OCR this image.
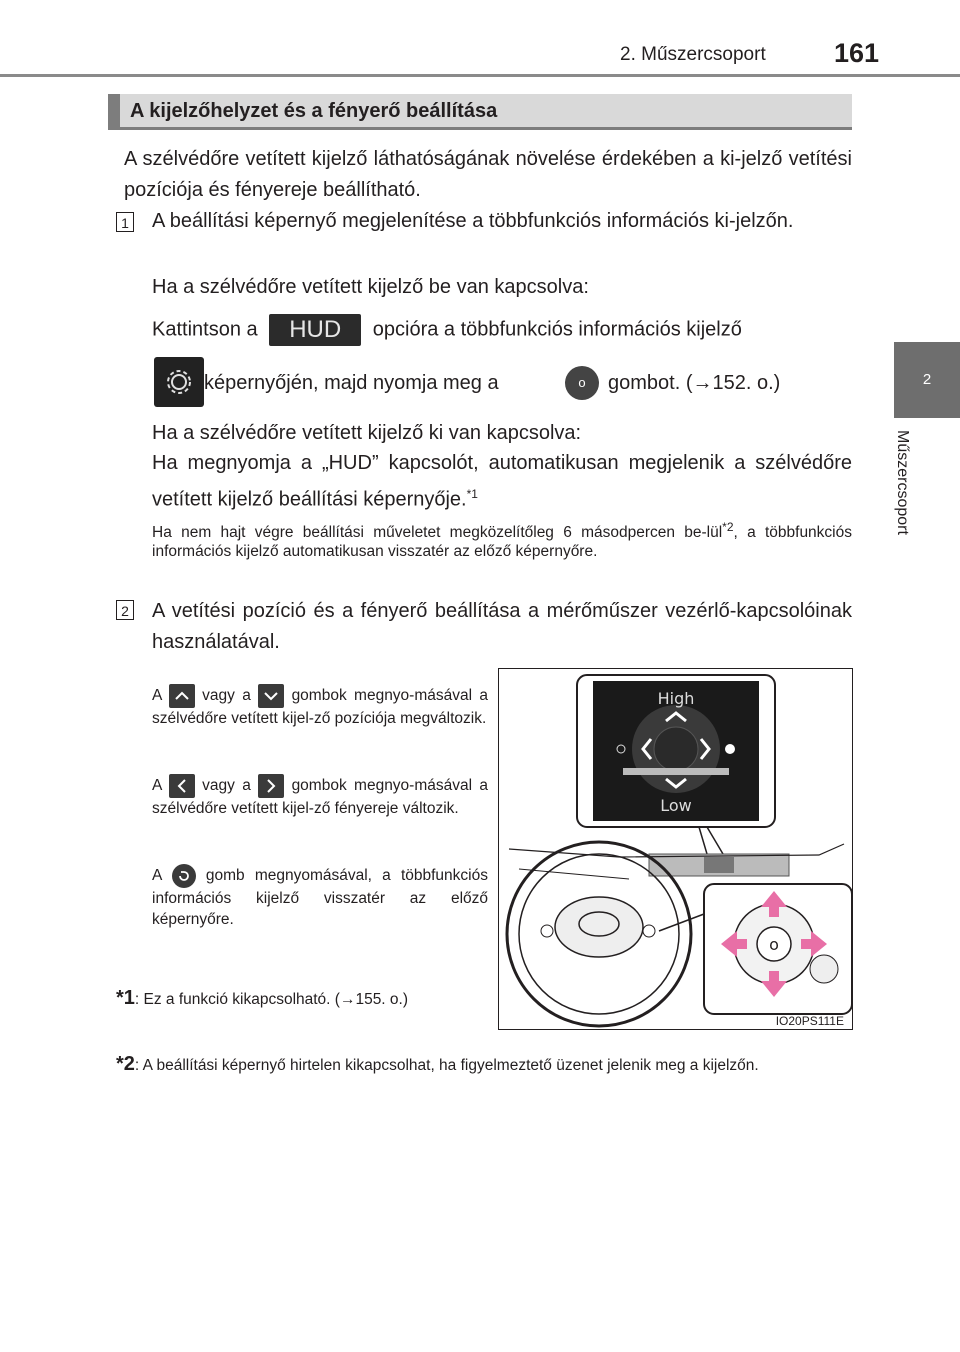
2. Műszercsoport	161
2
Műszercsoport
A kijelzőhelyzet és a fényerő beállítása
A szélvédőre vetített kijelző láthatóságának növelése érdekében a ki-jelző vetítési pozíciója és fényereje beállítható.
1 A beállítási képernyő megjelenítése a többfunkciós információs ki-jelzőn.
Ha a szélvédőre vetített kijelző be van kapcsolva:
Kattintson a HUD opcióra a többfunkciós információs kijelző
képernyőjén, majd nyomja meg a	o	gombot. (→152. o.)
Ha a szélvédőre vetített kijelző ki van kapcsolva:
Ha megnyomja a „HUD” kapcsolót, automatikusan megjelenik a szélvédőre vetített kijelző beállítási képernyője.$^{*1}$
Ha nem hajt végre beállítási műveletet megközelítőleg 6 másodpercen be-lül$^{*2}$, a többfunkciós információs kijelző automatikusan visszatér az előző képernyőre.
2 A vetítési pozíció és a fényerő beállítása a mérőműszer vezérlő-kapcsolóinak használatával.
A	vagy a	gombok megnyo-másával a szélvédőre vetített kijel-ző pozíciója megváltozik.
A	vagy a	gombok megnyo-másával a szélvédőre vetített kijel-ző fényereje változik.
A	gomb megnyomásával, a többfunkciós információs kijelző visszatér az előző képernyőre.
High
Low
o
IO20PS111E
*1: Ez a funkció kikapcsolható. (→155. o.)
*2: A beállítási képernyő hirtelen kikapcsolhat, ha figyelmeztető üzenet jelenik meg a kijelzőn.
